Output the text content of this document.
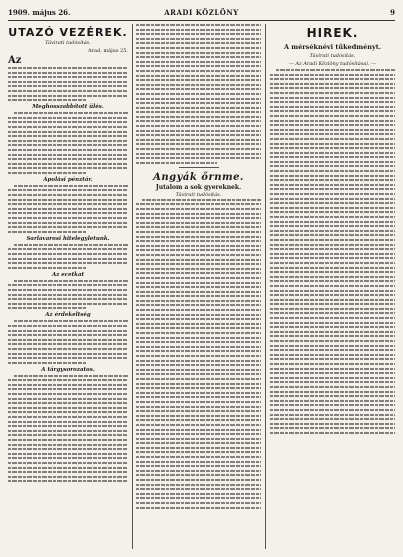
1909. május 26.	ARADI KÖZLÖNY	9
UTAZÓ VEZÉREK.
Távirati tudósítás.
Arad, május 25.
Az
Meghosszabbított ülés.
Ápolási pénztár.
Sarlavarosi hitelegyletunk.
Az ecetkat
Az érdekeltség
A tárgysorozatos.
Angyák őrnme.
Jutalom a sok gyereknek.
Távirati tudósítás.
HIREK.
A mérséknévi tűkedményt.
Távirati tudósítás.
— Az Aradi Közlöny tudósításai. —
